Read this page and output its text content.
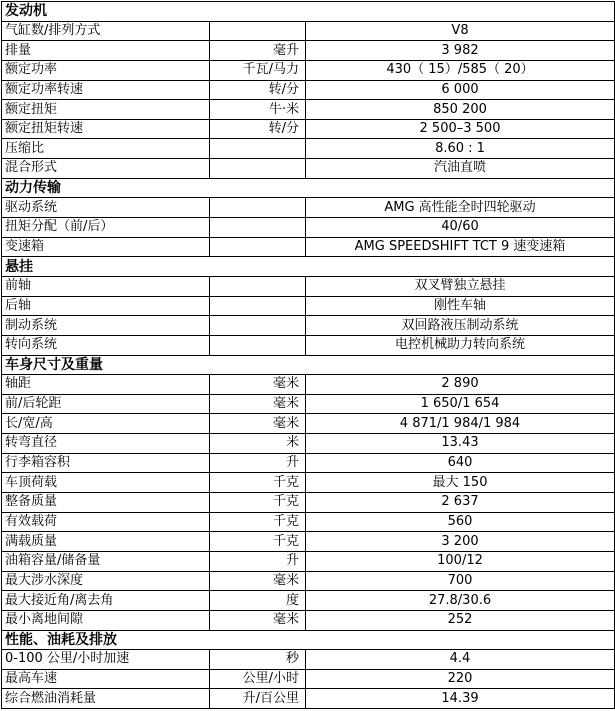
发动机		
气缸数/排列方式		V8
排量	毫升	3 982
额定功率	千瓦/马力	430（ 15）/585（ 20）
额定功率转速	转/分	6 000
额定扭矩	牛·米	850 200
额定扭矩转速	转/分	2 500–3 500
压缩比		8.60 : 1
混合形式		汽油直喷
动力传输		
驱动系统		AMG 高性能全时四轮驱动
扭矩分配（前/后）		40/60
变速箱		AMG SPEEDSHIFT TCT 9 速变速箱
悬挂		
前轴		双叉臂独立悬挂
后轴		刚性车轴
制动系统		双回路液压制动系统
转向系统		电控机械助力转向系统
车身尺寸及重量		
轴距	毫米	2 890
前/后轮距	毫米	1 650/1 654
长/宽/高	毫米	4 871/1 984/1 984
转弯直径	米	13.43
行李箱容积	升	640
车顶荷载	千克	最大 150
整备质量	千克	2 637
有效载荷	千克	560
满载质量	千克	3 200
油箱容量/储备量	升	100/12
最大涉水深度	毫米	700
最大接近角/离去角	度	27.8/30.6
最小离地间隙	毫米	252
性能、油耗及排放		
0-100 公里/小时加速	秒	4.4
最高车速	公里/小时	220
综合燃油消耗量	升/百公里	14.39
